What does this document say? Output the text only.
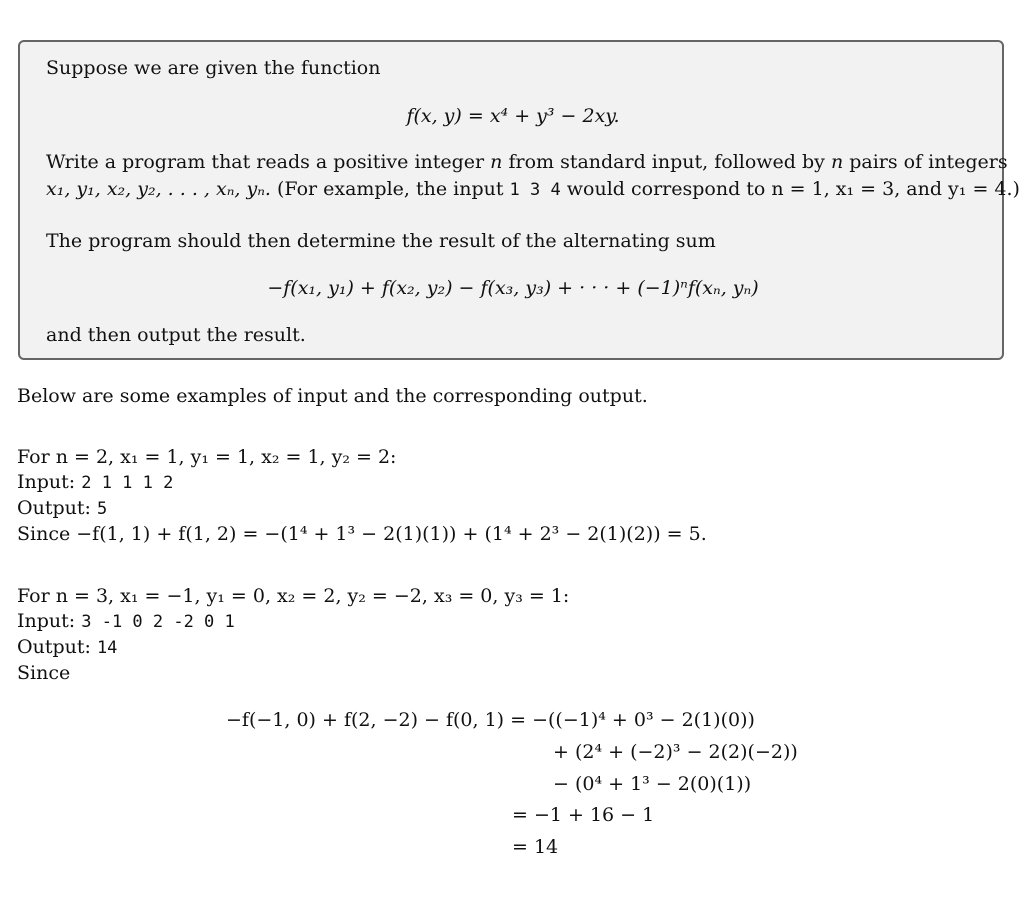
Suppose we are given the function
f(x, y) = x⁴ + y³ − 2xy.
Write a program that reads a positive integer n from standard input, followed by n pairs of integers
x₁, y₁, x₂, y₂, . . . , xₙ, yₙ. (For example, the input 1 3 4 would correspond to n = 1, x₁ = 3, and y₁ = 4.)
The program should then determine the result of the alternating sum
−f(x₁, y₁) + f(x₂, y₂) − f(x₃, y₃) + · · · + (−1)ⁿf(xₙ, yₙ)
and then output the result.
Below are some examples of input and the corresponding output.
For n = 2, x₁ = 1, y₁ = 1, x₂ = 1, y₂ = 2:
Input: 2 1 1 1 2
Output: 5
Since −f(1, 1) + f(1, 2) = −(1⁴ + 1³ − 2(1)(1)) + (1⁴ + 2³ − 2(1)(2)) = 5.
For n = 3, x₁ = −1, y₁ = 0, x₂ = 2, y₂ = −2, x₃ = 0, y₃ = 1:
Input: 3 -1 0 2 -2 0 1
Output: 14
Since
−f(−1, 0) + f(2, −2) − f(0, 1) = −((−1)⁴ + 0³ − 2(1)(0))
+ (2⁴ + (−2)³ − 2(2)(−2))
− (0⁴ + 1³ − 2(0)(1))
= −1 + 16 − 1
= 14
